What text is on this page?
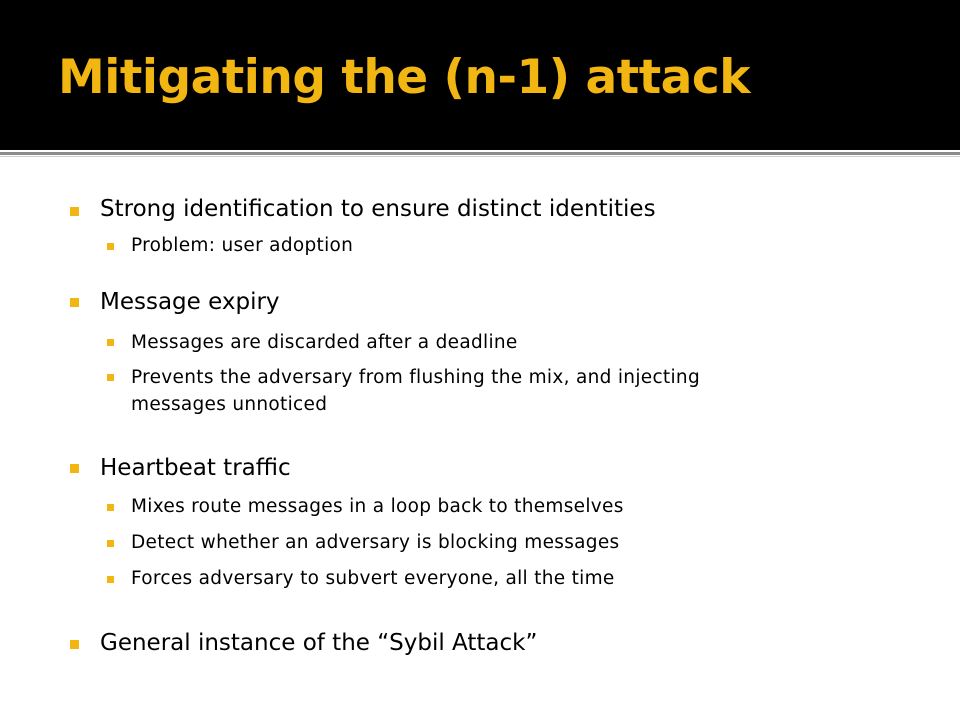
Mitigating the (n-1) attack
Strong identification to ensure distinct identities
Problem: user adoption
Message expiry
Messages are discarded after a deadline
Prevents the adversary from flushing the mix, and injecting
messages unnoticed
Heartbeat traffic
Mixes route messages in a loop back to themselves
Detect whether an adversary is blocking messages
Forces adversary to subvert everyone, all the time
General instance of the “Sybil Attack”
